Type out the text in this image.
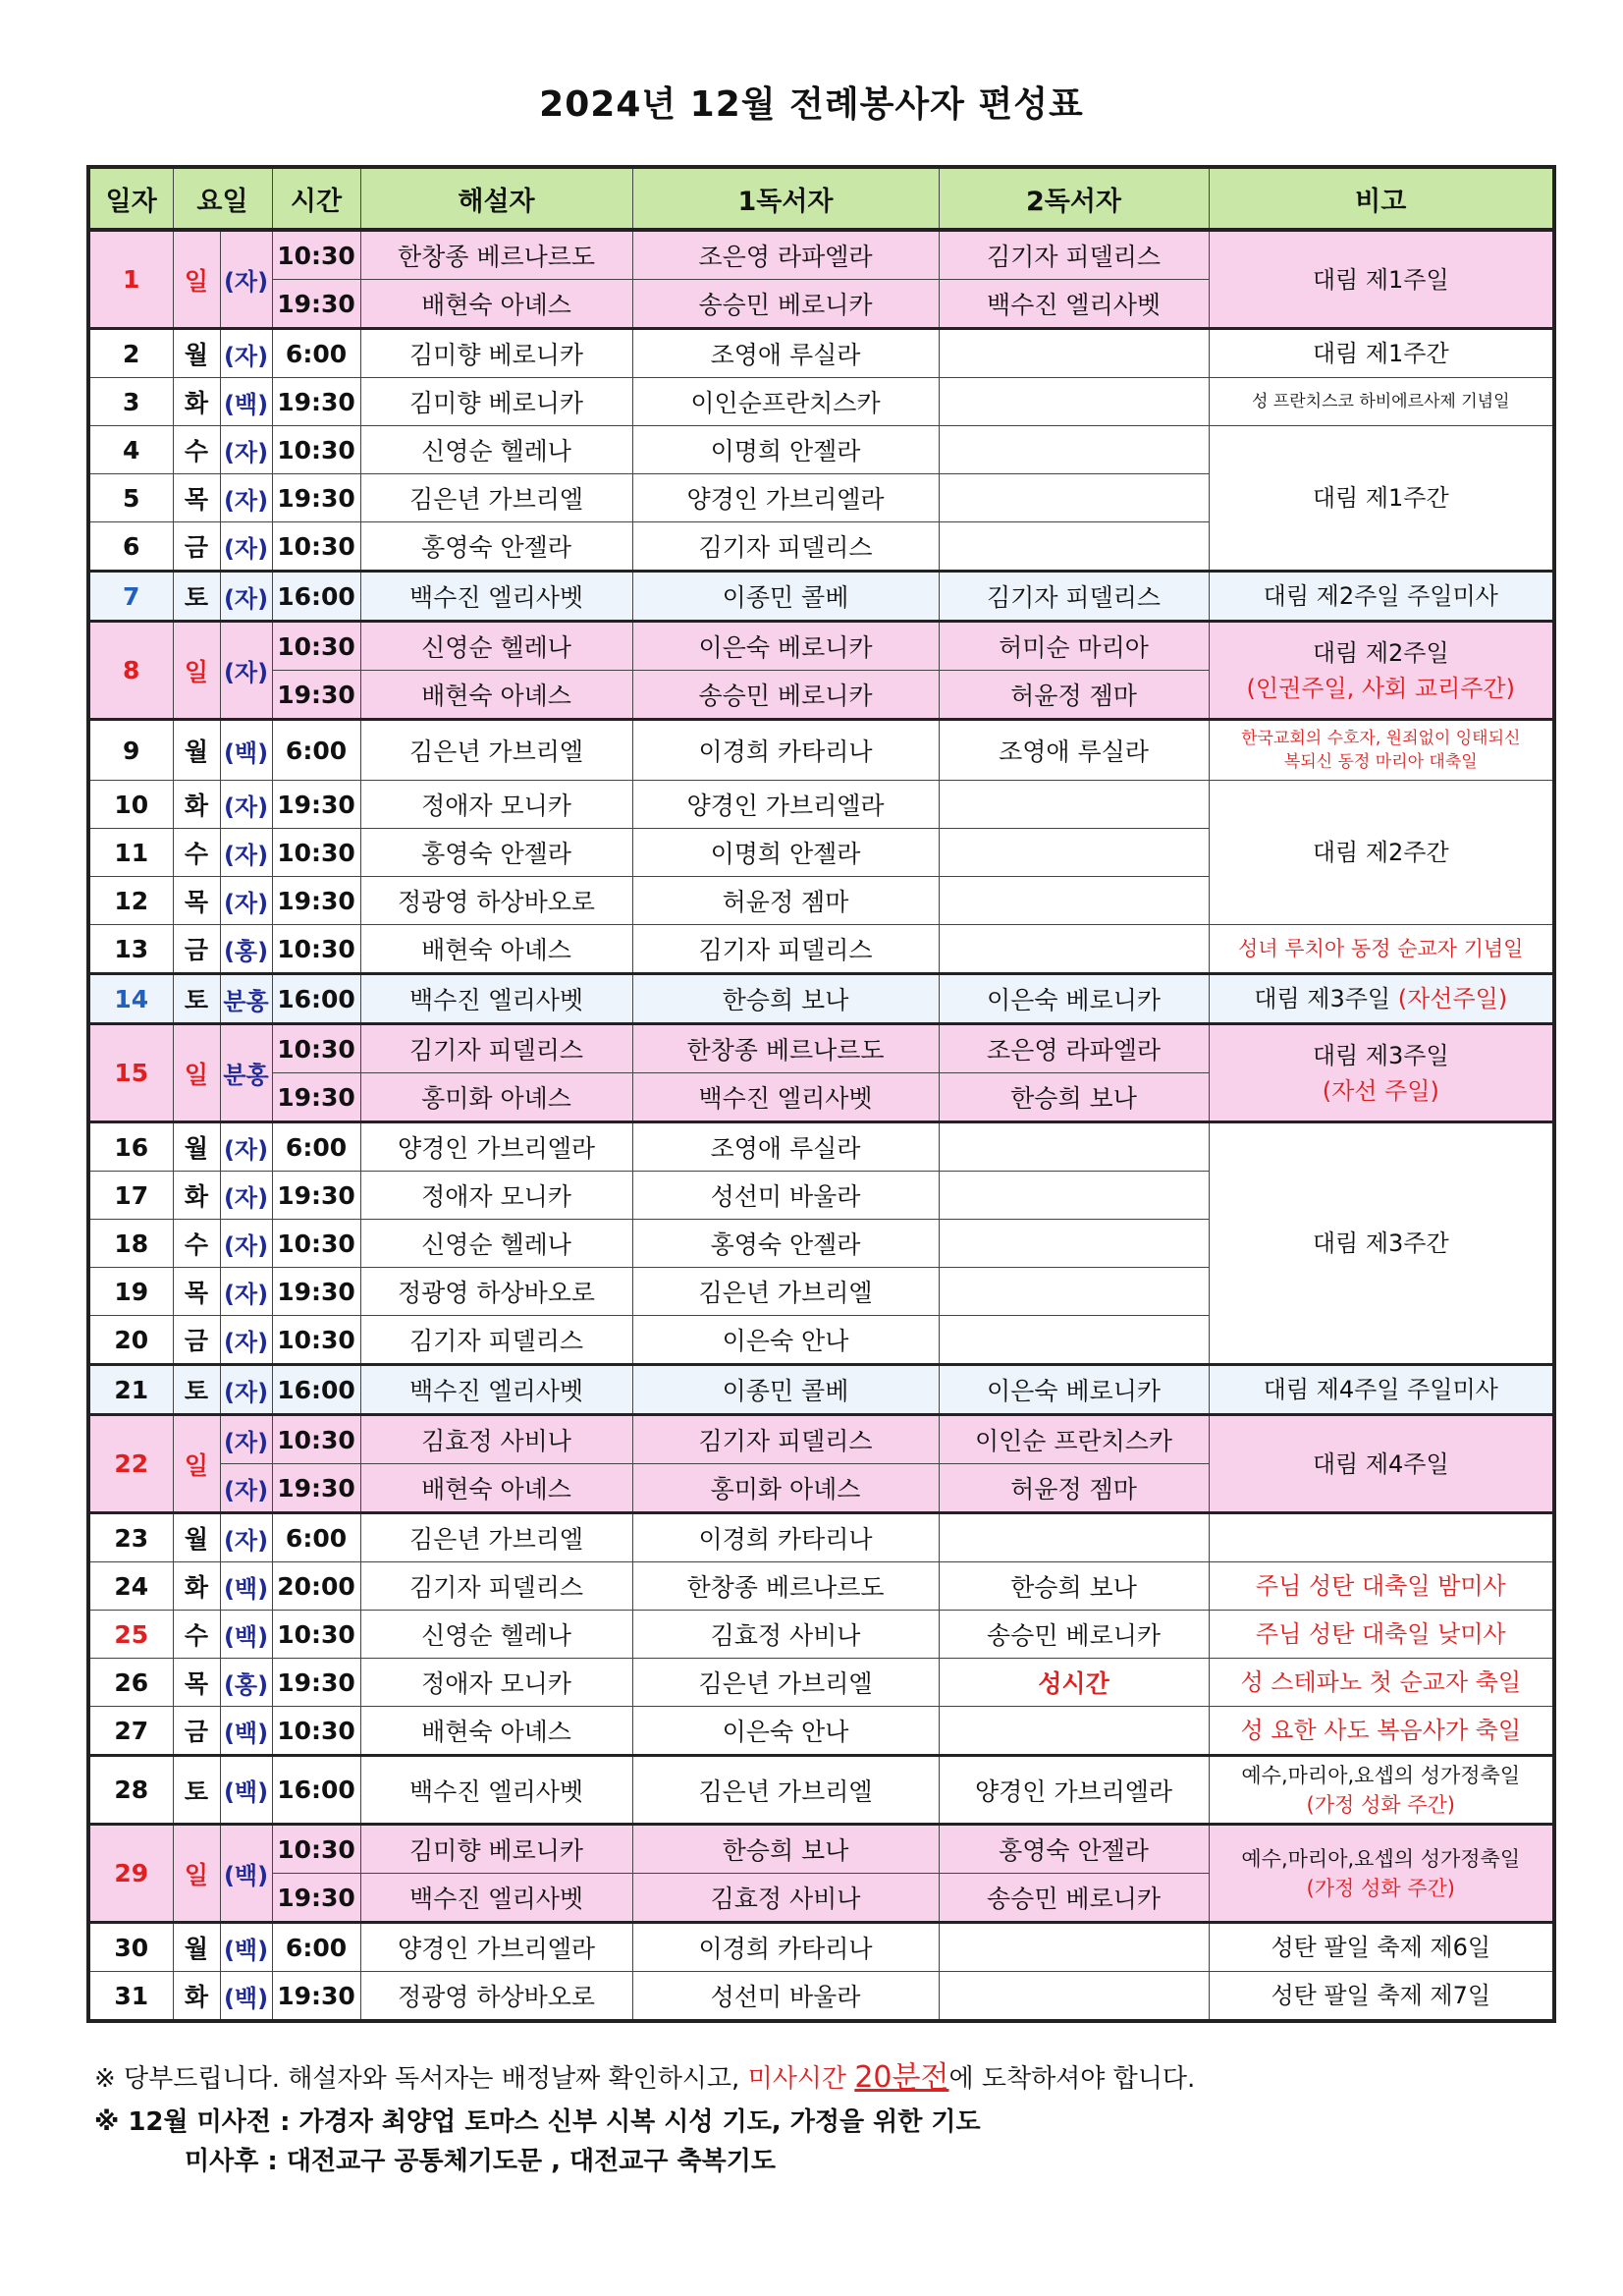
2024년 12월 전례봉사자 편성표
일자	요일		시간	해설자	1독서자	2독서자	비고
1	일	(자)	10:30	한창종 베르나르도	조은영 라파엘라	김기자 피델리스	대림 제1주일
			19:30	배현숙 아녜스	송승민 베로니카	백수진 엘리사벳	
2	월	(자)	6:00	김미향 베로니카	조영애 루실라		대림 제1주간
3	화	(백)	19:30	김미향 베로니카	이인순프란치스카		성 프란치스코 하비에르사제 기념일
4	수	(자)	10:30	신영순 헬레나	이명희 안젤라		대림 제1주간
5	목	(자)	19:30	김은년 가브리엘	양경인 가브리엘라		
6	금	(자)	10:30	홍영숙 안젤라	김기자 피델리스		
7	토	(자)	16:00	백수진 엘리사벳	이종민 콜베	김기자 피델리스	대림 제2주일 주일미사
8	일	(자)	10:30	신영순 헬레나	이은숙 베로니카	허미순 마리아	대림 제2주일
(인권주일, 사회 교리주간)

			19:30	배현숙 아녜스	송승민 베로니카	허윤정 젬마	
9	월	(백)	6:00	김은년 가브리엘	이경희 카타리나	조영애 루실라	한국교회의 수호자, 원죄없이 잉태되신
복되신 동정 마리아 대축일

10	화	(자)	19:30	정애자 모니카	양경인 가브리엘라		대림 제2주간
11	수	(자)	10:30	홍영숙 안젤라	이명희 안젤라		
12	목	(자)	19:30	정광영 하상바오로	허윤정 젬마		
13	금	(홍)	10:30	배현숙 아녜스	김기자 피델리스		성녀 루치아 동정 순교자 기념일
14	토	분홍	16:00	백수진 엘리사벳	한승희 보나	이은숙 베로니카	대림 제3주일 (자선주일)
15	일	분홍	10:30	김기자 피델리스	한창종 베르나르도	조은영 라파엘라	대림 제3주일
(자선 주일)

			19:30	홍미화 아녜스	백수진 엘리사벳	한승희 보나	
16	월	(자)	6:00	양경인 가브리엘라	조영애 루실라		대림 제3주간
17	화	(자)	19:30	정애자 모니카	성선미 바울라		
18	수	(자)	10:30	신영순 헬레나	홍영숙 안젤라		
19	목	(자)	19:30	정광영 하상바오로	김은년 가브리엘		
20	금	(자)	10:30	김기자 피델리스	이은숙 안나		
21	토	(자)	16:00	백수진 엘리사벳	이종민 콜베	이은숙 베로니카	대림 제4주일 주일미사
22	일	(자)	10:30	김효정 사비나	김기자 피델리스	이인순 프란치스카	대림 제4주일
		(자)	19:30	배현숙 아녜스	홍미화 아녜스	허윤정 젬마	
23	월	(자)	6:00	김은년 가브리엘	이경희 카타리나		
24	화	(백)	20:00	김기자 피델리스	한창종 베르나르도	한승희 보나	주님 성탄 대축일 밤미사
25	수	(백)	10:30	신영순 헬레나	김효정 사비나	송승민 베로니카	주님 성탄 대축일 낮미사
26	목	(홍)	19:30	정애자 모니카	김은년 가브리엘	성시간	성 스테파노 첫 순교자 축일
27	금	(백)	10:30	배현숙 아녜스	이은숙 안나		성 요한 사도 복음사가 축일
28	토	(백)	16:00	백수진 엘리사벳	김은년 가브리엘	양경인 가브리엘라	예수,마리아,요셉의 성가정축일
(가정 성화 주간)

29	일	(백)	10:30	김미향 베로니카	한승희 보나	홍영숙 안젤라	예수,마리아,요셉의 성가정축일
(가정 성화 주간)

			19:30	백수진 엘리사벳	김효정 사비나	송승민 베로니카	
30	월	(백)	6:00	양경인 가브리엘라	이경희 카타리나		성탄 팔일 축제 제6일
31	화	(백)	19:30	정광영 하상바오로	성선미 바울라		성탄 팔일 축제 제7일
※ 당부드립니다. 해설자와 독서자는 배정날짜 확인하시고, 미사시간 20분전에 도착하셔야 합니다.
※ 12월 미사전 : 가경자 최양업 토마스 신부 시복 시성 기도, 가정을 위한 기도
미사후 : 대전교구 공통체기도문 , 대전교구 축복기도
